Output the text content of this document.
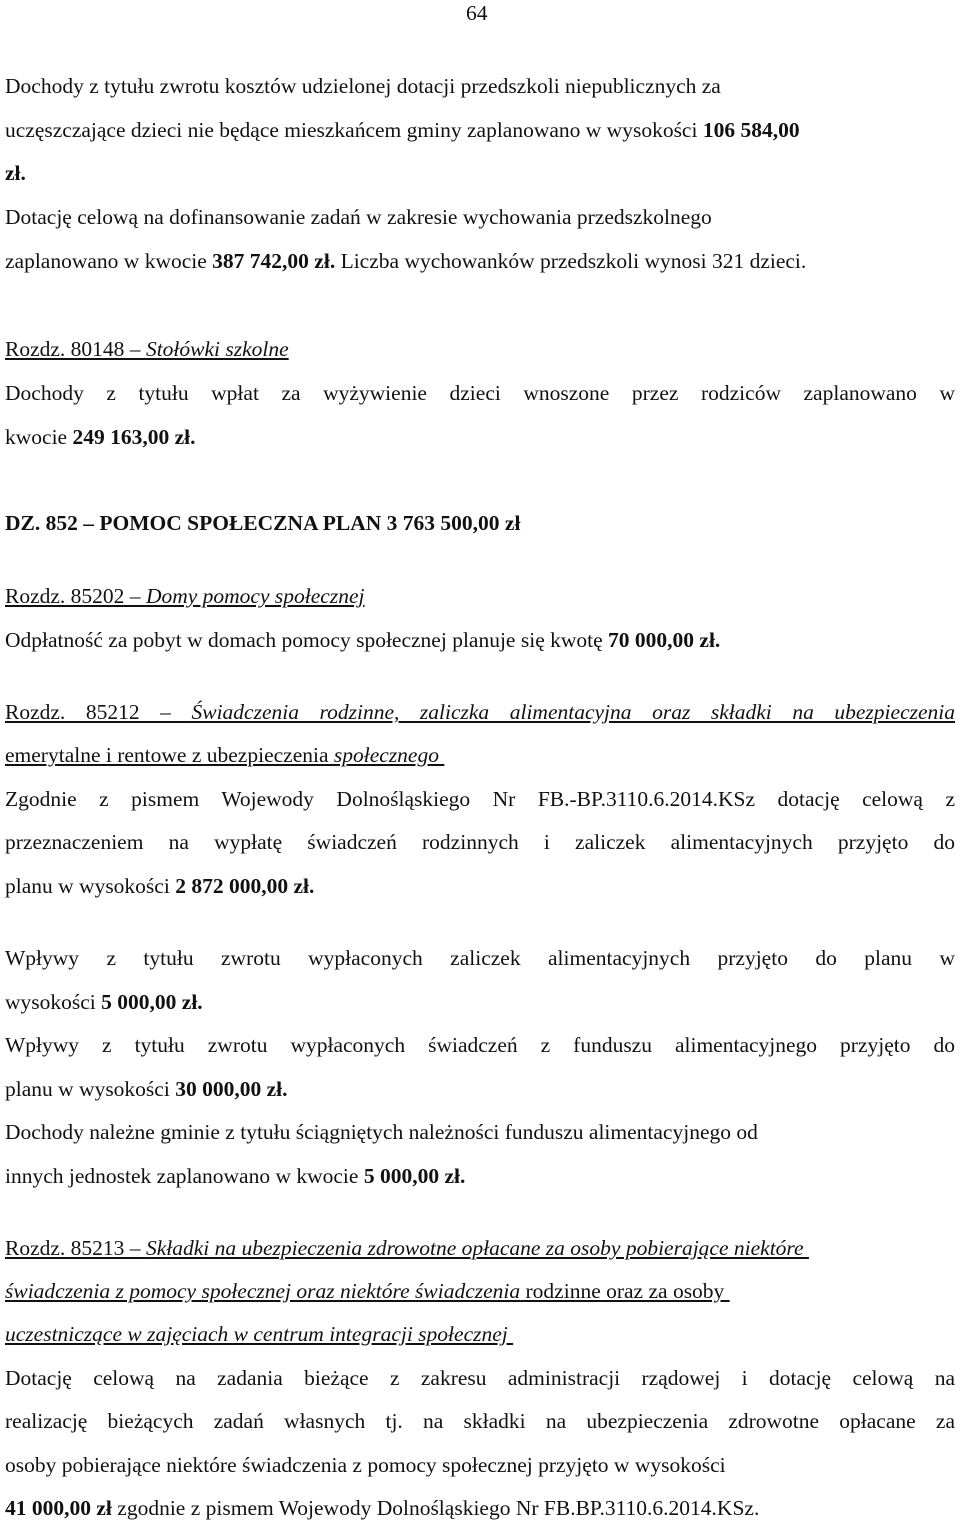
64
Dochody z tytułu zwrotu kosztów udzielonej dotacji przedszkoli niepublicznych za
uczęszczające dzieci nie będące mieszkańcem gminy zaplanowano w wysokości 106 584,00
zł.
Dotację celową na dofinansowanie zadań w zakresie wychowania przedszkolnego
zaplanowano w kwocie 387 742,00 zł. Liczba wychowanków przedszkoli wynosi 321 dzieci.
Rozdz. 80148 – Stołówki szkolne
Dochody z tytułu wpłat za wyżywienie dzieci wnoszone przez rodziców zaplanowano w
kwocie 249 163,00 zł.
DZ. 852 – POMOC SPOŁECZNA PLAN 3 763 500,00 zł
Rozdz. 85202 – Domy pomocy społecznej
Odpłatność za pobyt w domach pomocy społecznej planuje się kwotę 70 000,00 zł.
Rozdz. 85212 – Świadczenia rodzinne, zaliczka alimentacyjna oraz składki na ubezpieczenia
emerytalne i rentowe z ubezpieczenia społecznego
Zgodnie z pismem Wojewody Dolnośląskiego Nr FB.-BP.3110.6.2014.KSz dotację celową z
przeznaczeniem na wypłatę świadczeń rodzinnych i zaliczek alimentacyjnych przyjęto do
planu w wysokości 2 872 000,00 zł.
Wpływy z tytułu zwrotu wypłaconych zaliczek alimentacyjnych przyjęto do planu w
wysokości 5 000,00 zł.
Wpływy z tytułu zwrotu wypłaconych świadczeń z funduszu alimentacyjnego przyjęto do
planu w wysokości 30 000,00 zł.
Dochody należne gminie z tytułu ściągniętych należności funduszu alimentacyjnego od
innych jednostek zaplanowano w kwocie 5 000,00 zł.
Rozdz. 85213 – Składki na ubezpieczenia zdrowotne opłacane za osoby pobierające niektóre
świadczenia z pomocy społecznej oraz niektóre świadczenia rodzinne oraz za osoby
uczestniczące w zajęciach w centrum integracji społecznej
Dotację celową na zadania bieżące z zakresu administracji rządowej i dotację celową na
realizację bieżących zadań własnych tj. na składki na ubezpieczenia zdrowotne opłacane za
osoby pobierające niektóre świadczenia z pomocy społecznej przyjęto w wysokości
41 000,00 zł zgodnie z pismem Wojewody Dolnośląskiego Nr FB.BP.3110.6.2014.KSz.
